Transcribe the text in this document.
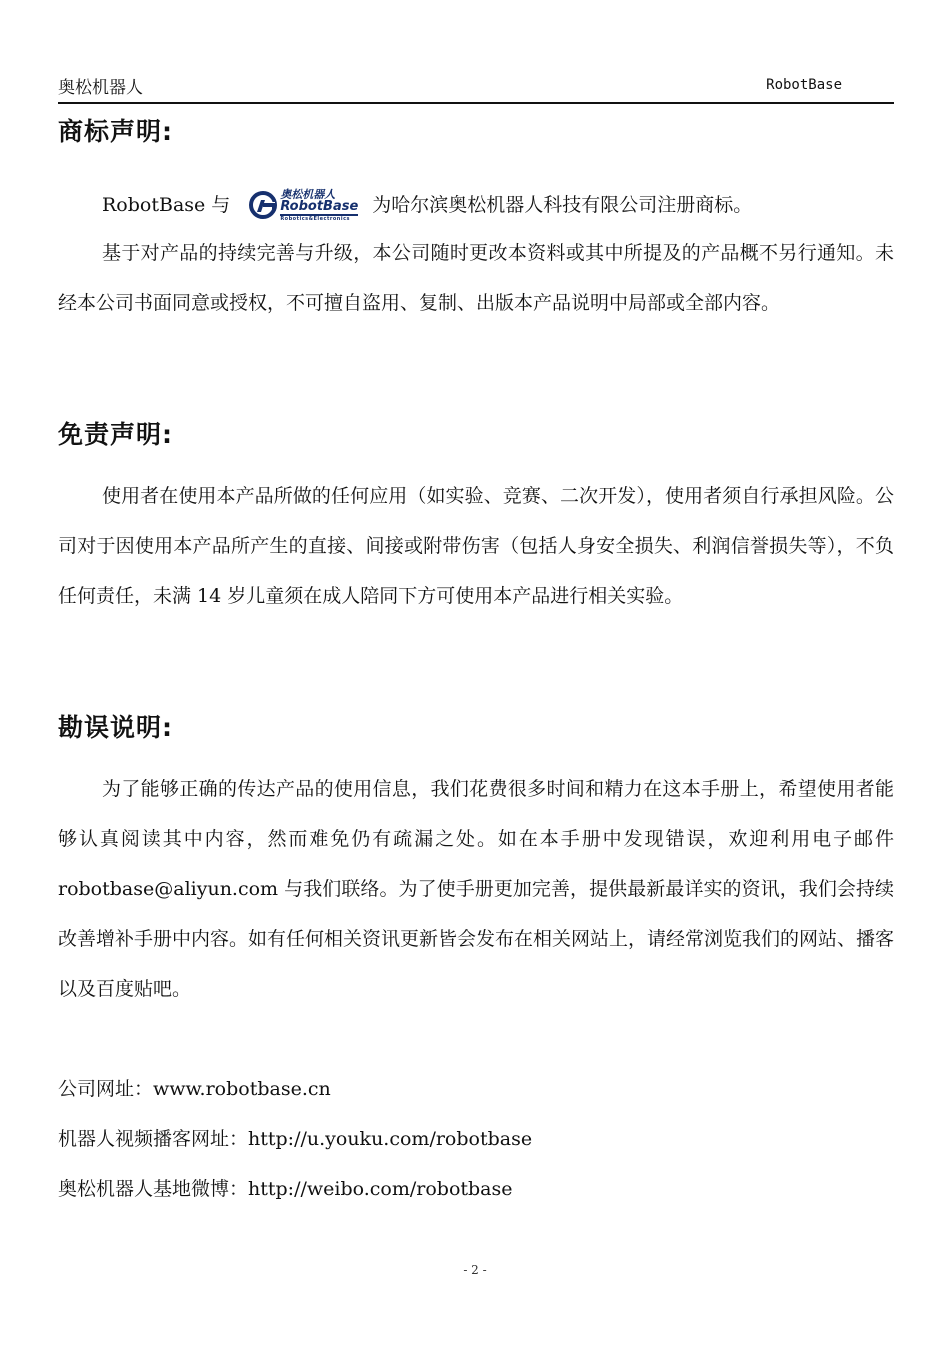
奥松机器人	RobotBase
商标声明:
RobotBase 与	奥松机器人
RobotBase
Robotics&Electronics
为哈尔滨奥松机器人科技有限公司注册商标。

基于对产品的持续完善与升级，本公司随时更改本资料或其中所提及的产品概不另行通知。未经本公司书面同意或授权，不可擅自盗用、复制、出版本产品说明中局部或全部内容。

免责声明:

使用者在使用本产品所做的任何应用（如实验、竞赛、二次开发），使用者须自行承担风险。公司对于因使用本产品所产生的直接、间接或附带伤害（包括人身安全损失、利润信誉损失等），不负任何责任，未满 14 岁儿童须在成人陪同下方可使用本产品进行相关实验。

勘误说明:

为了能够正确的传达产品的使用信息，我们花费很多时间和精力在这本手册上，希望使用者能够认真阅读其中内容，然而难免仍有疏漏之处。如在本手册中发现错误，欢迎利用电子邮件 robotbase@aliyun.com 与我们联络。为了使手册更加完善，提供最新最详实的资讯，我们会持续改善增补手册中内容。如有任何相关资讯更新皆会发布在相关网站上，请经常浏览我们的网站、播客以及百度贴吧。

公司网址：www.robotbase.cn
机器人视频播客网址：http://u.youku.com/robotbase
奥松机器人基地微博：http://weibo.com/robotbase
- 2 -
